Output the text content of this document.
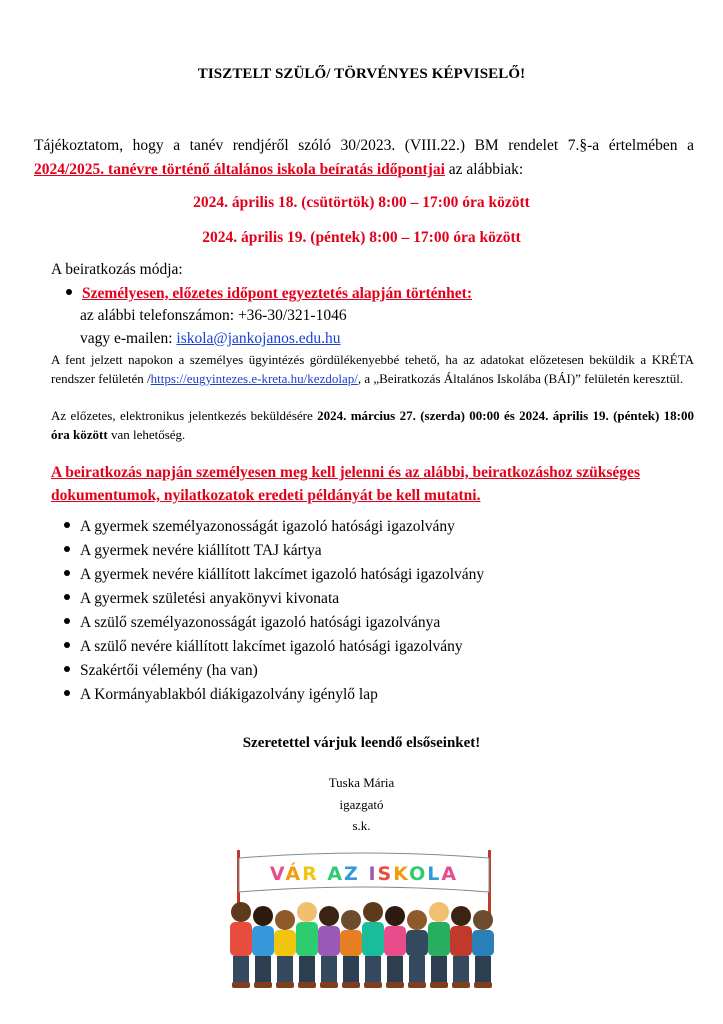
TISZTELT SZÜLŐ/ TÖRVÉNYES KÉPVISELŐ!
Tájékoztatom, hogy a tanév rendjéről szóló 30/2023. (VIII.22.) BM rendelet 7.§-a értelmében a 2024/2025. tanévre történő általános iskola beíratás időpontjai az alábbiak:
2024. április 18. (csütörtök) 8:00 – 17:00 óra között
2024. április 19. (péntek) 8:00 – 17:00 óra között
A beiratkozás módja:
Személyesen, előzetes időpont egyeztetés alapján történhet:
az alábbi telefonszámon: +36-30/321-1046
vagy e-mailen: iskola@jankojanos.edu.hu
A fent jelzett napokon a személyes ügyintézés gördülékenyebbé tehető, ha az adatokat előzetesen beküldik a KRÉTA rendszer felületén /https://eugyintezes.e-kreta.hu/kezdolap/, a „Beiratkozás Általános Iskolába (BÁI)” felületén keresztül.
Az előzetes, elektronikus jelentkezés beküldésére 2024. március 27. (szerda) 00:00 és 2024. április 19. (péntek) 18:00 óra között van lehetőség.
A beiratkozás napján személyesen meg kell jelenni és az alábbi, beiratkozáshoz szükséges dokumentumok, nyilatkozatok eredeti példányát be kell mutatni.
A gyermek személyazonosságát igazoló hatósági igazolvány
A gyermek nevére kiállított TAJ kártya
A gyermek nevére kiállított lakcímet igazoló hatósági igazolvány
A gyermek születési anyakönyvi kivonata
A szülő személyazonosságát igazoló hatósági igazolványa
A szülő nevére kiállított lakcímet igazoló hatósági igazolvány
Szakértői vélemény (ha van)
A Kormányablakból diákigazolvány igénylő lap
Szeretettel várjuk leendő elsőseinket!
Tuska Mária
igazgató
s.k.
VÁR AZ ISKOLA
